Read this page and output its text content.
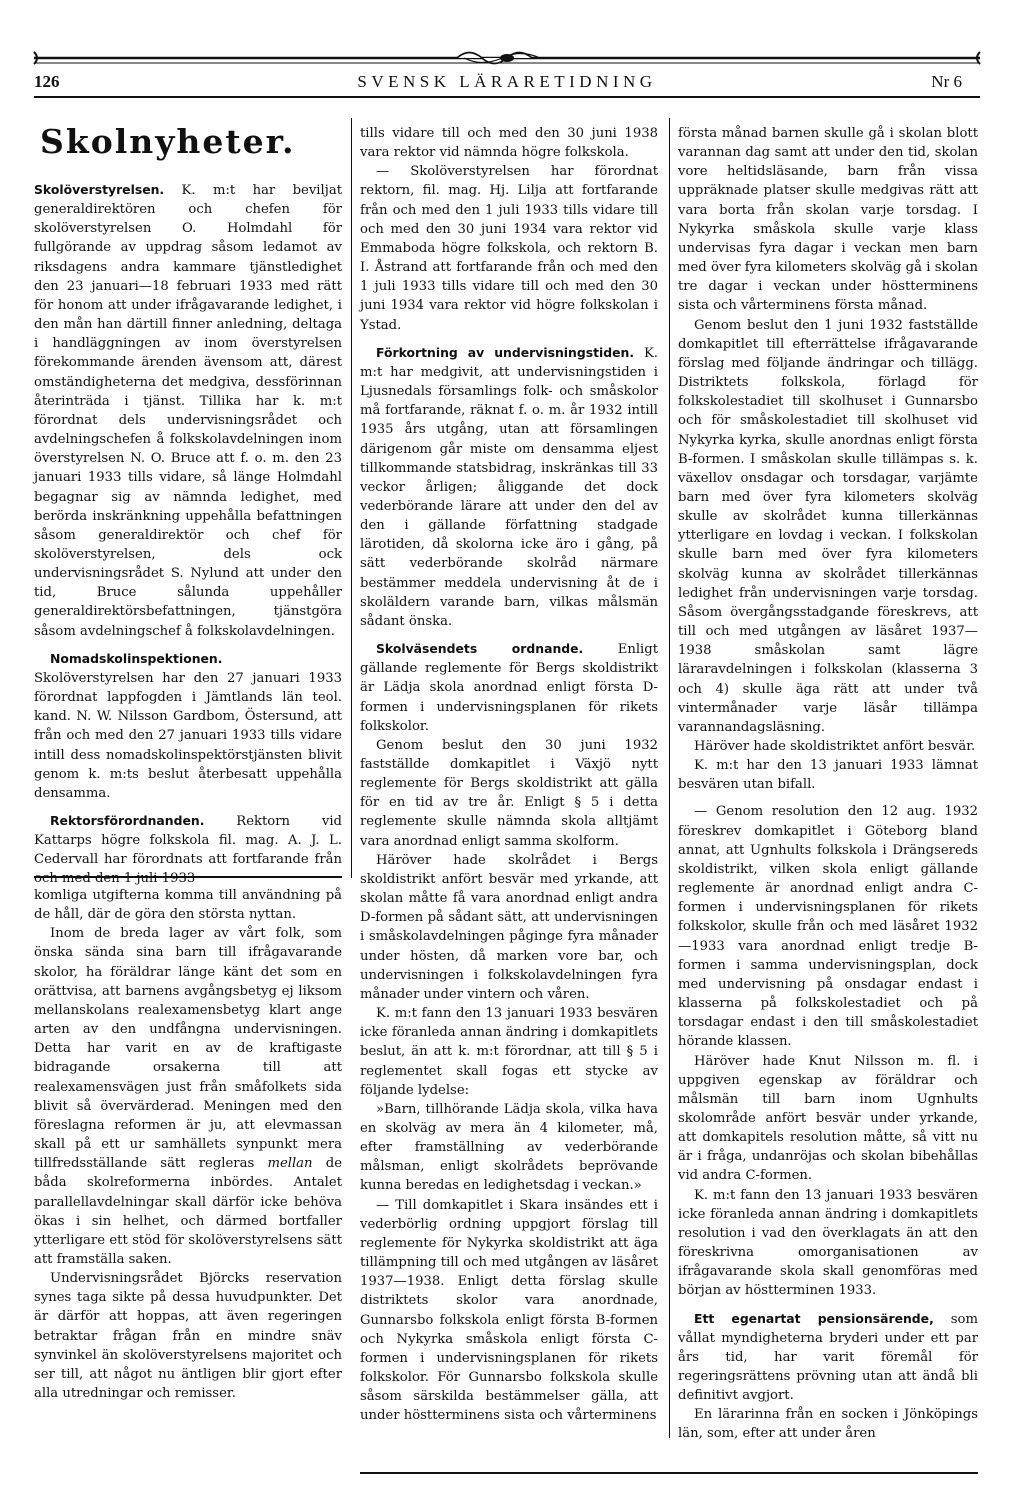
126	SVENSK LÄRARETIDNING	Nr 6
Skolnyheter.

Skolöverstyrelsen. K. m:t har beviljat generaldirektören och chefen för skolöverstyrelsen O. Holmdahl för fullgörande av uppdrag såsom ledamot av riksdagens andra kammare tjänstledighet den 23 januari—18 februari 1933 med rätt för honom att under ifrågavarande ledighet, i den mån han därtill finner anledning, deltaga i handläggningen av inom överstyrelsen förekommande ärenden ävensom att, därest omständigheterna det medgiva, dessförinnan återinträda i tjänst. Tillika har k. m:t förordnat dels undervisningsrådet och avdelningschefen å folkskolavdelningen inom överstyrelsen N. O. Bruce att f. o. m. den 23 januari 1933 tills vidare, så länge Holmdahl begagnar sig av nämnda ledighet, med berörda inskränkning uppehålla befattningen såsom generaldirektör och chef för skolöverstyrelsen, dels ock undervisningsrådet S. Nylund att under den tid, Bruce sålunda uppehåller generaldirektörsbefattningen, tjänstgöra såsom avdelningschef å folkskolavdelningen.

Nomadskolinspektionen. Skolöverstyrelsen har den 27 januari 1933 förordnat lappfogden i Jämtlands län teol. kand. N. W. Nilsson Gardbom, Östersund, att från och med den 27 januari 1933 tills vidare intill dess nomadskolinspektörstjänsten blivit genom k. m:ts beslut återbesatt uppehålla densamma.

Rektorsförordnanden. Rektorn vid Kattarps högre folkskola fil. mag. A. J. L. Cedervall har förordnats att fortfarande från och med den 1 juli 1933

komliga utgifterna komma till användning på de håll, där de göra den största nyttan.

Inom de breda lager av vårt folk, som önska sända sina barn till ifrågavarande skolor, ha föräldrar länge känt det som en orättvisa, att barnens avgångsbetyg ej liksom mellanskolans realexamensbetyg klart ange arten av den undfångna undervisningen. Detta har varit en av de kraftigaste bidragande orsakerna till att realexamensvägen just från småfolkets sida blivit så övervärderad. Meningen med den föreslagna reformen är ju, att elevmassan skall på ett ur samhällets synpunkt mera tillfredsställande sätt regleras mellan de båda skolreformerna inbördes. Antalet parallellavdelningar skall därför icke behöva ökas i sin helhet, och därmed bortfaller ytterligare ett stöd för skolöverstyrelsens sätt att framställa saken.

Undervisningsrådet Björcks reservation synes taga sikte på dessa huvudpunkter. Det är därför att hoppas, att även regeringen betraktar frågan från en mindre snäv synvinkel än skolöverstyrelsens majoritet och ser till, att något nu äntligen blir gjort efter alla utredningar och remisser.

tills vidare till och med den 30 juni 1938 vara rektor vid nämnda högre folkskola.

— Skolöverstyrelsen har förordnat rektorn, fil. mag. Hj. Lilja att fortfarande från och med den 1 juli 1933 tills vidare till och med den 30 juni 1934 vara rektor vid Emmaboda högre folkskola, och rektorn B. I. Åstrand att fortfarande från och med den 1 juli 1933 tills vidare till och med den 30 juni 1934 vara rektor vid högre folkskolan i Ystad.

Förkortning av undervisningstiden. K. m:t har medgivit, att undervisningstiden i Ljusnedals församlings folk- och småskolor må fortfarande, räknat f. o. m. år 1932 intill 1935 års utgång, utan att församlingen därigenom går miste om densamma eljest tillkommande statsbidrag, inskränkas till 33 veckor årligen; åliggande det dock vederbörande lärare att under den del av den i gällande författning stadgade lärotiden, då skolorna icke äro i gång, på sätt vederbörande skolråd närmare bestämmer meddela undervisning åt de i skoläldern varande barn, vilkas målsmän sådant önska.

Skolväsendets ordnande.	Enligt gällande reglemente för Bergs skoldistrikt är Lädja skola anordnad enligt första D-formen i undervisningsplanen för rikets folkskolor.

Genom beslut den 30 juni 1932 fastställde domkapitlet i Växjö nytt reglemente för Bergs skoldistrikt att gälla för en tid av tre år. Enligt § 5 i detta reglemente skulle nämnda skola alltjämt vara anordnad enligt samma skolform.

Häröver hade skolrådet i Bergs skoldistrikt anfört besvär med yrkande, att skolan måtte få vara anordnad enligt andra D-formen på sådant sätt, att undervisningen i småskolavdelningen påginge fyra månader under hösten, då marken vore bar, och undervisningen i folkskolavdelningen fyra månader under vintern och våren.

K. m:t fann den 13 januari 1933 besvären icke föranleda annan ändring i domkapitlets beslut, än att k. m:t förordnar, att till § 5 i reglementet skall fogas ett stycke av följande lydelse:

»Barn, tillhörande Lädja skola, vilka hava en skolväg av mera än 4 kilometer, må, efter framställning av vederbörande målsman, enligt skolrådets beprövande kunna beredas en ledighetsdag i veckan.»

— Till domkapitlet i Skara insändes ett i vederbörlig ordning uppgjort förslag till reglemente för Nykyrka skoldistrikt att äga tillämpning till och med utgången av läsåret 1937—1938. Enligt detta förslag skulle distriktets skolor vara anordnade, Gunnarsbo folkskola enligt första B-formen och Nykyrka småskola enligt första C-formen i undervisningsplanen för rikets folkskolor. För Gunnarsbo folkskola skulle såsom särskilda bestämmelser gälla, att under höstterminens sista och vårterminens

första månad barnen skulle gå i skolan blott varannan dag samt att under den tid, skolan vore heltidsläsande, barn från vissa uppräknade platser skulle medgivas rätt att vara borta från skolan varje torsdag. I Nykyrka småskola skulle varje klass undervisas fyra dagar i veckan men barn med över fyra kilometers skolväg gå i skolan tre dagar i veckan under höstterminens sista och vårterminens första månad.

Genom beslut den 1 juni 1932 fastställde domkapitlet till efterrättelse ifrågavarande förslag med följande ändringar och tillägg. Distriktets folkskola, förlagd för folkskolestadiet till skolhuset i Gunnarsbo och för småskolestadiet till skolhuset vid Nykyrka kyrka, skulle anordnas enligt första B-formen. I småskolan skulle tillämpas s. k. växellov onsdagar och torsdagar, varjämte barn med över fyra kilometers skolväg skulle av skolrådet kunna tillerkännas ytterligare en lovdag i veckan. I folkskolan skulle barn med över fyra kilometers skolväg kunna av skolrådet tillerkännas ledighet från undervisningen varje torsdag. Såsom övergångsstadgande föreskrevs, att till och med utgången av läsåret 1937—1938 småskolan samt lägre läraravdelningen i folkskolan (klasserna 3 och 4) skulle äga rätt att under två vintermånader varje läsår tillämpa varannandagsläsning.

Häröver hade skoldistriktet anfört besvär.

K. m:t har den 13 januari 1933 lämnat besvären utan bifall.

— Genom resolution den 12 aug. 1932 föreskrev domkapitlet i Göteborg bland annat, att Ugnhults folkskola i Drängsereds skoldistrikt, vilken skola enligt gällande reglemente är anordnad enligt andra C-formen i undervisningsplanen för rikets folkskolor, skulle från och med läsåret 1932—1933 vara anordnad enligt tredje B-formen i samma undervisningsplan, dock med undervisning på onsdagar endast i klasserna på folkskolestadiet och på torsdagar endast i den till småskolestadiet hörande klassen.

Häröver hade Knut Nilsson m. fl. i uppgiven egenskap av föräldrar och målsmän till barn inom Ugnhults skolområde anfört besvär under yrkande, att domkapitels resolution måtte, så vitt nu är i fråga, undanröjas och skolan bibehållas vid andra C-formen.

K. m:t fann den 13 januari 1933 besvären icke föranleda annan ändring i domkapitlets resolution i vad den överklagats än att den föreskrivna omorganisationen av ifrågavarande skola skall genomföras med början av höstterminen 1933.

Ett egenartat pensionsärende, som vållat myndigheterna bryderi under ett par års tid, har varit föremål för regeringsrättens prövning utan att ändå bli definitivt avgjort.

En lärarinna från en socken i Jönköpings län, som, efter att under åren
